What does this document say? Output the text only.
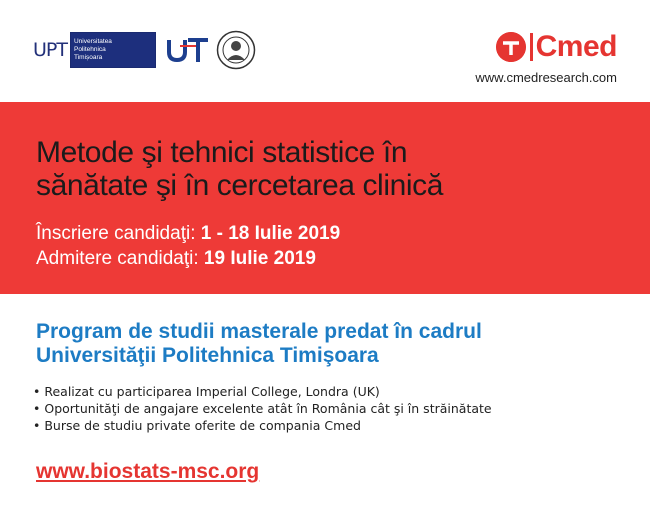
UPT Universitatea
Politehnica
Timișoara	Cmed
www.cmedresearch.com
Metode şi tehnici statistice în
sănătate şi în cercetarea clinică
Înscriere candidaţi: 1 - 18 Iulie 2019
Admitere candidaţi: 19 Iulie 2019
Program de studii masterale predat în cadrul
Universităţii Politehnica Timişoara
• Realizat cu participarea Imperial College, Londra (UK)
• Oportunităţi de angajare excelente atât în România cât şi în străinătate
• Burse de studiu private oferite de compania Cmed
www.biostats-msc.org
